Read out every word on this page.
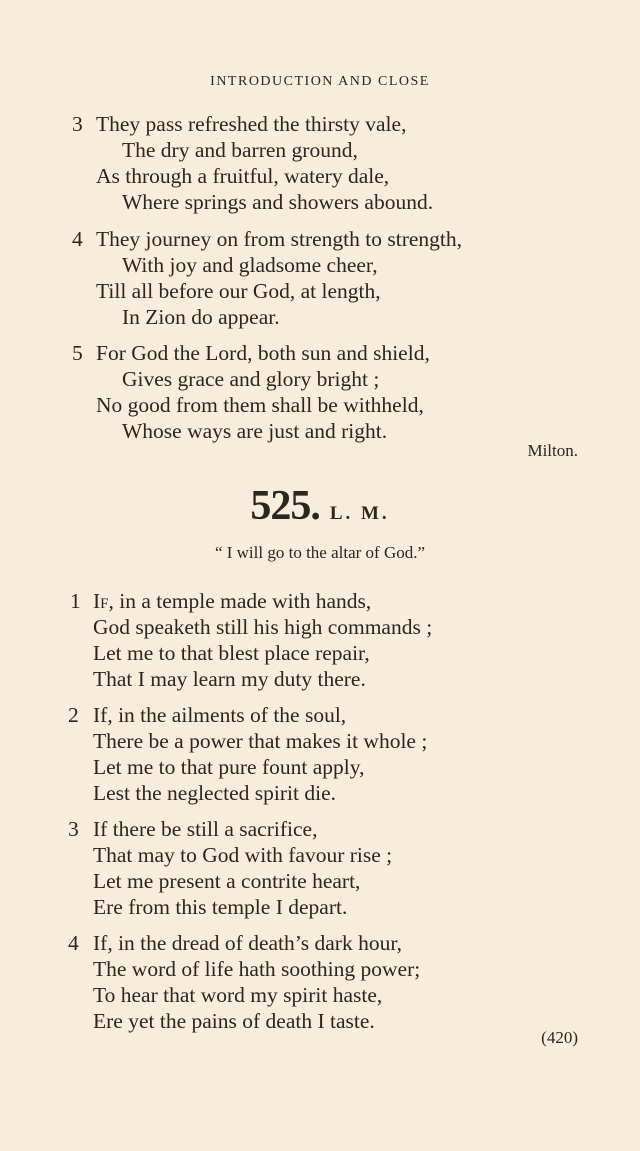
INTRODUCTION AND CLOSE
3 They pass refreshed the thirsty vale,
The dry and barren ground,
As through a fruitful, watery dale,
Where springs and showers abound.
4 They journey on from strength to strength,
With joy and gladsome cheer,
Till all before our God, at length,
In Zion do appear.
5 For God the Lord, both sun and shield,
Gives grace and glory bright ;
No good from them shall be withheld,
Whose ways are just and right.
Milton.
525. L. M.
“ I will go to the altar of God.”
1 If, in a temple made with hands,
God speaketh still his high commands ;
Let me to that blest place repair,
That I may learn my duty there.
2 If, in the ailments of the soul,
There be a power that makes it whole ;
Let me to that pure fount apply,
Lest the neglected spirit die.
3 If there be still a sacrifice,
That may to God with favour rise ;
Let me present a contrite heart,
Ere from this temple I depart.
4 If, in the dread of death’s dark hour,
The word of life hath soothing power;
To hear that word my spirit haste,
Ere yet the pains of death I taste.
(420)
